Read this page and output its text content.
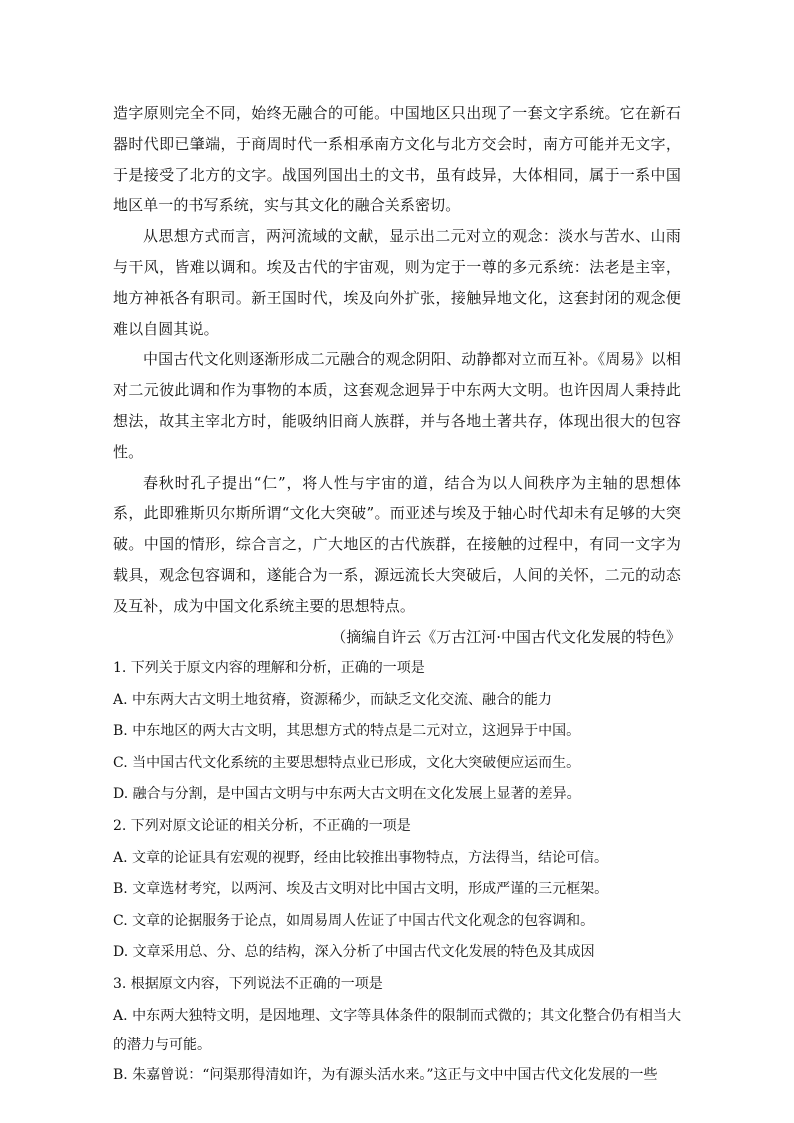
造字原则完全不同，始终无融合的可能。中国地区只出现了一套文字系统。它在新石器时代即已肇端，于商周时代一系相承南方文化与北方交会时，南方可能并无文字，于是接受了北方的文字。战国列国出土的文书，虽有歧异，大体相同，属于一系中国地区单一的书写系统，实与其文化的融合关系密切。

从思想方式而言，两河流域的文献，显示出二元对立的观念：淡水与苦水、山雨与干风，皆难以调和。埃及古代的宇宙观，则为定于一尊的多元系统：法老是主宰，地方神祇各有职司。新王国时代，埃及向外扩张，接触异地文化，这套封闭的观念便难以自圆其说。

中国古代文化则逐渐形成二元融合的观念阴阳、动静都对立而互补。《周易》以相对二元彼此调和作为事物的本质，这套观念迥异于中东两大文明。也许因周人秉持此想法，故其主宰北方时，能吸纳旧商人族群，并与各地土著共存，体现出很大的包容性。

春秋时孔子提出“仁”，将人性与宇宙的道，结合为以人间秩序为主轴的思想体系，此即雅斯贝尔斯所谓“文化大突破”。而亚述与埃及于轴心时代却未有足够的大突破。中国的情形，综合言之，广大地区的古代族群，在接触的过程中，有同一文字为载具，观念包容调和，遂能合为一系，源远流长大突破后，人间的关怀，二元的动态及互补，成为中国文化系统主要的思想特点。

（摘编自许云《万古江河·中国古代文化发展的特色》

1. 下列关于原文内容的理解和分析，正确的一项是

A. 中东两大古文明土地贫瘠，资源稀少，而缺乏文化交流、融合的能力

B. 中东地区的两大古文明，其思想方式的特点是二元对立，这迥异于中国。

C. 当中国古代文化系统的主要思想特点业已形成，文化大突破便应运而生。

D. 融合与分割，是中国古文明与中东两大古文明在文化发展上显著的差异。

2. 下列对原文论证的相关分析，不正确的一项是

A. 文章的论证具有宏观的视野，经由比较推出事物特点，方法得当，结论可信。

B. 文章选材考究，以两河、埃及古文明对比中国古文明，形成严谨的三元框架。

C. 文章的论据服务于论点，如周易周人佐证了中国古代文化观念的包容调和。

D. 文章采用总、分、总的结构，深入分析了中国古代文化发展的特色及其成因

3. 根据原文内容，下列说法不正确的一项是

A. 中东两大独特文明，是因地理、文字等具体条件的限制而式微的；其文化整合仍有相当大的潜力与可能。

B. 朱嘉曾说：“问渠那得清如许，为有源头活水来。”这正与文中中国古代文化发展的一些
